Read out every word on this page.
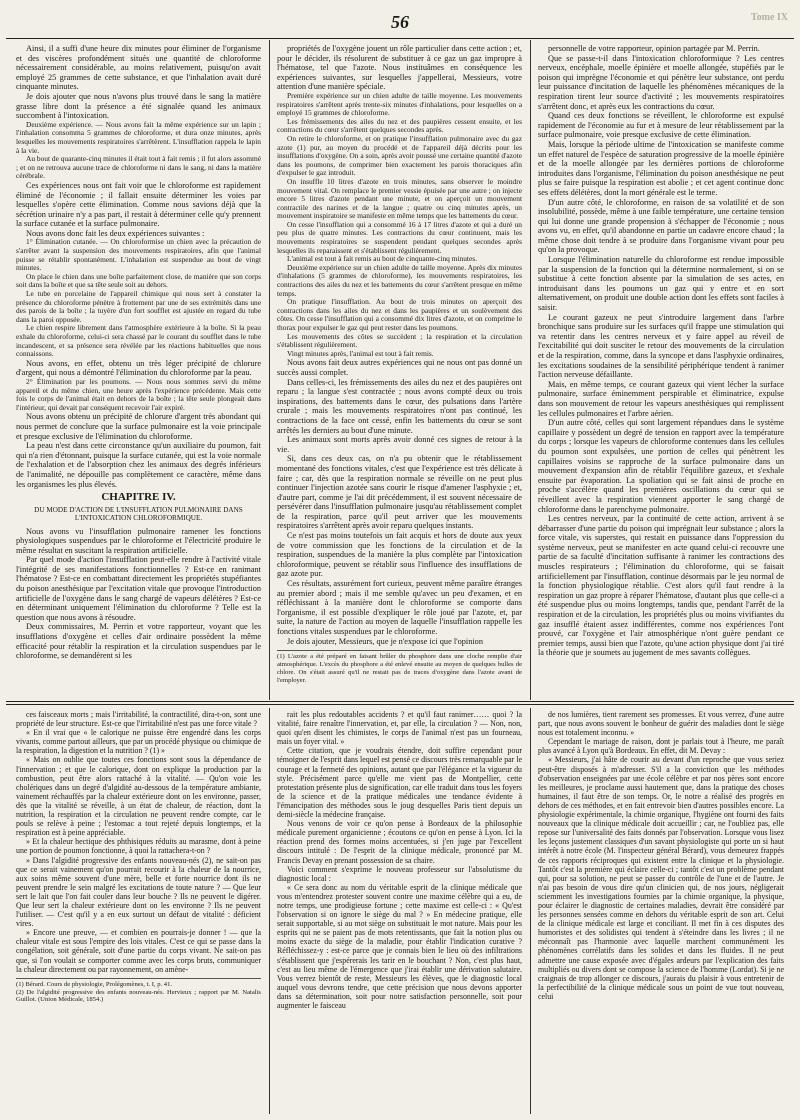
56	Tome IX

Ainsi, il a suffi d'une heure dix minutes pour éliminer de l'organisme et des viscères profondément situés une quantité de chloroforme nécessairement considérable, au moins relativement, puisqu'on avait employé 25 grammes de cette substance, et que l'inhalation avait duré cinquante minutes.

Je dois ajouter que nous n'avons plus trouvé dans le sang la matière grasse libre dont la présence a été signalée quand les animaux succombent à l'intoxication.

Deuxième expérience. — Nous avons fait la même expérience sur un lapin ; l'inhalation consomma 5 grammes de chloroforme, et dura onze minutes, après lesquelles les mouvements respiratoires s'arrêtèrent. L'insufflation rappela le lapin à la vie.

Au bout de quarante-cinq minutes il était tout à fait remis ; il fut alors assommé ; et on ne retrouva aucune trace de chloroforme ni dans le sang, ni dans la matière cérébrale.

Ces expériences nous ont fait voir que le chloroforme est rapidement éliminé de l'économie ; il fallait ensuite déterminer les voies par lesquelles s'opère cette élimination. Comme nous savions déjà que la sécrétion urinaire n'y a pas part, il restait à déterminer celle qu'y prennent la surface cutanée et la surface pulmonaire.

Nous avons donc fait les deux expériences suivantes :

1° Élimination cutanée. — On chloroformise un chien avec la précaution de s'arrêter avant la suspension des mouvements respiratoires, afin que l'animal puisse se rétablir spontanément. L'inhalation est suspendue au bout de vingt minutes.

On place le chien dans une boîte parfaitement close, de manière que son corps soit dans la boîte et que sa tête seule soit au dehors.

Le tube en porcelaine de l'appareil chimique qui nous sert à constater la présence du chloroforme pénètre à frottement par une de ses extrémités dans une des parois de la boîte ; la tuyère d'un fort soufflet est ajustée en regard du tube dans la paroi opposée.

Le chien respire librement dans l'atmosphère extérieure à la boîte. Si la peau exhale du chloroforme, celui-ci sera chassé par le courant du soufflet dans le tube incandescent, et sa présence sera révélée par les réactions habituelles que nous connaissons.

Nous avons, en effet, obtenu un très léger précipité de chlorure d'argent, qui nous a démontré l'élimination du chloroforme par la peau.

2° Élimination par les poumons. — Nous nous sommes servi du même appareil et du même chien, une heure après l'expérience précédente. Mais cette fois le corps de l'animal était en dehors de la boîte ; la tête seule plongeait dans l'intérieur, qui devait par conséquent recevoir l'air expiré.

Nous avons obtenu un précipité de chlorure d'argent très abondant qui nous permet de conclure que la surface pulmonaire est la voie principale et presque exclusive de l'élimination du chloroforme.

La peau n'est dans cette circonstance qu'un auxiliaire du poumon, fait qui n'a rien d'étonnant, puisque la surface cutanée, qui est la voie normale de l'exhalation et de l'absorption chez les animaux des degrés inférieurs de l'animalité, ne dépouille pas complètement ce caractère, même dans les organismes les plus élevés.

CHAPITRE IV.
DU MODE D'ACTION DE L'INSUFFLATION PULMONAIRE DANS L'INTOXICATION CHLOROFORMIQUE.

Nous avons vu l'insufflation pulmonaire ramener les fonctions physiologiques suspendues par le chloroforme et l'électricité produire le même résultat en suscitant la respiration artificielle.

Par quel mode d'action l'insufflation peut-elle rendre à l'activité vitale l'intégrité de ses manifestations fonctionnelles ? Est-ce en ranimant l'hématose ? Est-ce en combattant directement les propriétés stupéfiantes du poison anesthésique par l'excitation vitale que provoque l'introduction artificielle de l'oxygène dans le sang chargé de vapeurs délétères ? Est-ce en déterminant uniquement l'élimination du chloroforme ? Telle est la question que nous avons à résoudre.

Deux commissaires, M. Perrin et votre rapporteur, voyant que les insufflations d'oxygène et celles d'air ordinaire possèdent la même efficacité pour rétablir la respiration et la circulation suspendues par le chloroforme, se demandèrent si les

propriétés de l'oxygène jouent un rôle particulier dans cette action ; et, pour le décider, ils résolurent de substituer à ce gaz un gaz impropre à l'hématose, tel que l'azote. Nous instituâmes en conséquence les expériences suivantes, sur lesquelles j'appellerai, Messieurs, votre attention d'une manière spéciale.

Première expérience sur un chien adulte de taille moyenne. Les mouvements respiratoires s'arrêtent après trente-six minutes d'inhalations, pour lesquelles on a employé 15 grammes de chloroforme.

Les frémissements des ailes du nez et des paupières cessent ensuite, et les contractions du cœur s'arrêtent quelques secondes après.

On retire le chloroforme, et on pratique l'insufflation pulmonaire avec du gaz azote (1) pur, au moyen du procédé et de l'appareil déjà décrits pour les insufflations d'oxygène. On a soin, après avoir poussé une certaine quantité d'azote dans les poumons, de comprimer bien exactement les parois thoraciques afin d'expulser le gaz introduit.

On insuffle 10 litres d'azote en trois minutes, sans observer le moindre mouvement vital. On remplace le premier vessie épuisée par une autre ; on injecte encore 5 litres d'azote pendant une minute, et on aperçoit un mouvement contractile des narines et de la langue ; quatre ou cinq minutes après, un mouvement inspiratoire se manifeste en même temps que les battements du cœur.

On cesse l'insufflation qui a consommé 16 à 17 litres d'azote et qui a duré un peu plus de quatre minutes. Les contractions du cœur continuent, mais les mouvements respiratoires se suspendent pendant quelques secondes après lesquelles ils reparaissent et s'établissent régulièrement.

L'animal est tout à fait remis au bout de cinquante-cinq minutes.

Deuxième expérience sur un chien adulte de taille moyenne. Après dix minutes d'inhalations (5 grammes de chloroforme), les mouvements respiratoires, les contractions des ailes du nez et les battements du cœur s'arrêtent presque en même temps.

On pratique l'insufflation. Au bout de trois minutes on aperçoit des contractions dans les ailes du nez et dans les paupières et un soulèvement des côtes. On cesse l'insufflation qui a consommé dix litres d'azote, et on comprime le thorax pour expulser le gaz qui peut rester dans les poumons.

Les mouvements des côtes se succèdent ; la respiration et la circulation s'établissent régulièrement.

Vingt minutes après, l'animal est tout à fait remis.

Nous avons fait deux autres expériences qui ne nous ont pas donné un succès aussi complet.

Dans celles-ci, les frémissements des ailes du nez et des paupières ont reparu ; la langue s'est contractée ; nous avons compté deux ou trois inspirations, des battements dans le cœur, des pulsations dans l'artère crurale ; mais les mouvements respiratoires n'ont pas continué, les contractions de la face ont cessé, enfin les battements du cœur se sont arrêtés les derniers au bout d'une minute.

Les animaux sont morts après avoir donné ces signes de retour à la vie.

Si, dans ces deux cas, on n'a pu obtenir que le rétablissement momentané des fonctions vitales, c'est que l'expérience est très délicate à faire ; car, dès que la respiration normale se réveille on ne peut plus continuer l'injection azotée sans courir le risque d'amener l'asphyxie ; et, d'autre part, comme je l'ai dit précédemment, il est souvent nécessaire de persévérer dans l'insufflation pulmonaire jusqu'au rétablissement complet de la respiration, parce qu'il peut arriver que les mouvements respiratoires s'arrêtent après avoir reparu quelques instants.

Ce n'est pas moins toutefois un fait acquis et hors de doute aux yeux de votre commission que les fonctions de la circulation et de la respiration, suspendues de la manière la plus complète par l'intoxication chloroformique, peuvent se rétablir sous l'influence des insufflations de gaz azote pur.

Ces résultats, assurément fort curieux, peuvent même paraître étranges au premier abord ; mais il me semble qu'avec un peu d'examen, et en réfléchissant à la manière dont le chloroforme se comporte dans l'organisme, il est possible d'expliquer le rôle joué par l'azote, et, par suite, la nature de l'action au moyen de laquelle l'insufflation rappelle les fonctions vitales suspendues par le chloroforme.

Je dois ajouter, Messieurs, que je n'expose ici que l'opinion

(1) L'azote a été préparé en faisant brûler du phosphore dans une cloche remplie d'air atmosphérique. L'excès du phosphore a été enlevé ensuite au moyen de quelques bulles de chlore. On s'était assuré qu'il ne restait pas de traces d'oxygène dans l'azote avant de l'employer.

personnelle de votre rapporteur, opinion partagée par M. Perrin.

Que se passe-t-il dans l'intoxication chloroformique ? Les centres nerveux, encéphale, moelle épinière et moelle allongée, stupéfiés par le poison qui imprègne l'économie et qui pénètre leur substance, ont perdu leur puissance d'incitation de laquelle les phénomènes mécaniques de la respiration tirent leur source d'activité ; les mouvements respiratoires s'arrêtent donc, et après eux les contractions du cœur.

Quand ces deux fonctions se réveillent, le chloroforme est expulsé rapidement de l'économie au fur et à mesure de leur rétablissement par la surface pulmonaire, voie presque exclusive de cette élimination.

Mais, lorsque la période ultime de l'intoxication se manifeste comme un effet naturel de l'espèce de saturation progressive de la moelle épinière et de la moelle allongée par les dernières portions de chloroforme introduites dans l'organisme, l'élimination du poison anesthésique ne peut plus se faire puisque la respiration est abolie ; et cet agent continue donc ses effets délétères, dont la mort générale est le terme.

D'un autre côté, le chloroforme, en raison de sa volatilité et de son insolubilité, possède, même à une faible température, une certaine tension qui lui donne une grande propension à s'échapper de l'économie ; nous avons vu, en effet, qu'il abandonne en partie un cadavre encore chaud ; la même chose doit tendre à se produire dans l'organisme vivant pour peu qu'on la provoque.

Lorsque l'élimination naturelle du chloroforme est rendue impossible par la suspension de la fonction qui la détermine normalement, si on se substitue à cette fonction absente par la simulation de ses actes, en introduisant dans les poumons un gaz qui y entre et en sort alternativement, on produit une double action dont les effets sont faciles à saisir.

Le courant gazeux ne peut s'introduire largement dans l'arbre bronchique sans produire sur les surfaces qu'il frappe une stimulation qui va retentir dans les centres nerveux et y faire appel au réveil de l'excitabilité qui doit susciter le retour des mouvements de la circulation et de la respiration, comme, dans la syncope et dans l'asphyxie ordinaires, les excitations soudaines de la sensibilité périphérique tendent à ranimer l'action nerveuse défaillante.

Mais, en même temps, ce courant gazeux qui vient lécher la surface pulmonaire, surface éminemment perspirable et éliminatrice, expulse dans son mouvement de retour les vapeurs anesthésiques qui remplissent les cellules pulmonaires et l'arbre aérien.

D'un autre côté, celles qui sont largement répandues dans le système capillaire y possèdent un degré de tension en rapport avec la température du corps ; lorsque les vapeurs de chloroforme contenues dans les cellules du poumon sont expulsées, une portion de celles qui pénètrent les capillaires voisins se rapproche de la surface pulmonaire dans un mouvement d'expansion afin de rétablir l'équilibre gazeux, et s'exhale ensuite par évaporation. La spoliation qui se fait ainsi de proche en proche s'accélère quand les premières oscillations du cœur qui se réveillent avec la respiration viennent apporter le sang chargé de chloroforme dans le parenchyme pulmonaire.

Les centres nerveux, par la continuité de cette action, arrivent à se débarrasser d'une partie du poison qui imprégnait leur substance ; alors la force vitale, vis superstes, qui restait en puissance dans l'oppression du système nerveux, peut se manifester en acte quand celui-ci recouvre une partie de sa faculté d'incitation suffisante à ranimer les contractions des muscles respirateurs ; l'élimination du chloroforme, qui se faisait artificiellement par l'insufflation, continue désormais par le jeu normal de la fonction physiologique rétablie. C'est alors qu'il faut rendre à la respiration un gaz propre à réparer l'hématose, d'autant plus que celle-ci a été suspendue plus ou moins longtemps, tandis que, pendant l'arrêt de la respiration et de la circulation, les propriétés plus ou moins vivifiantes du gaz insufflé étaient assez indifférentes, comme nos expériences l'ont prouvé, car l'oxygène et l'air atmosphérique n'ont guère pendant ce premier temps, aussi bien que l'azote, qu'une action physique dont j'ai tiré la théorie que je soumets au jugement de mes savants collègues.

ces faisceaux morts ; mais l'irritabilité, la contractilité, dira-t-on, sont une propriété de leur structure. Est-ce que l'irritabilité n'est pas une force vitale ?

« En il vrai que « le calorique ne puisse être engendré dans les corps vivants, comme partout ailleurs, que par un procédé physique ou chimique de la respiration, la digestion et la nutrition ? (1) »

« Mais on oublie que toutes ces fonctions sont sous la dépendance de l'innervation ; et que le calorique, dont on explique la production par la combustion, peut être alors rattaché à la vitalité. — Qu'on voie les cholériques dans un degré d'algidité au-dessous de la température ambiante, vainement réchauffés par la chaleur extérieure dont on les environne, passer, dès que la vitalité se réveille, à un état de chaleur, de réaction, dont la nutrition, la respiration et la circulation ne peuvent rendre compte, car le pouls se relève à peine ; l'estomac a tout rejeté depuis longtemps, et la respiration est à peine appréciable.

» Et la chaleur hectique des phthisiques réduits au marasme, dont à peine une portion de poumon fonctionne, à quoi la rattachera-t-on ?

» Dans l'algidité progressive des enfants nouveau-nés (2), ne sait-on pas que ce serait vainement qu'on pourrait recourir à la chaleur de la nourrice, aux soins même souvent d'une mère, belle et forte nourrice dont ils ne peuvent prendre le sein malgré les excitations de toute nature ? — Que leur sert le lait que l'on fait couler dans leur bouche ? Ils ne peuvent le digérer. Que leur sert la chaleur extérieure dont on les environne ? Ils ne peuvent l'utiliser. — C'est qu'il y a en eux surtout un défaut de vitalité : déficient vires.

» Encore une preuve, — et combien en pourrais-je donner ! — que la chaleur vitale est sous l'empire des lois vitales. C'est ce qui se passe dans la congélation, soit générale, soit d'une partie du corps vivant. Ne sait-on pas que, si l'on voulait se comporter comme avec les corps bruts, communiquer la chaleur directement ou par rayonnement, on amène-

(1) Bérard. Cours de physiologie, Prolégomènes, t. I, p. 41.

(2) De l'algidité progressive des enfants nouveau-nés. Hervieux ; rapport par M. Natalis Guillot. (Union Médicale, 1854.)

rait les plus redoutables accidents ? et qu'il faut ranimer…… quoi ? la vitalité, faire renaître l'innervation, et, par elle, la circulation ? — Non, non, quoi qu'en disent les chimistes, le corps de l'animal n'est pas un fourneau, mais un foyer vital. »

Cette citation, que je voudrais étendre, doit suffire cependant pour témoigner de l'esprit dans lequel est pensé ce discours très remarquable par le courage et la fermeté des opinions, autant que par l'élégance et la vigueur du style. Précisément parce qu'elle me vient pas de Montpellier, cette protestation présente plus de signification, car elle traduit dans tous les foyers de la science et de la pratique médicales une tendance évidente à l'émancipation des méthodes sous le joug desquelles Paris tient depuis un demi-siècle la médecine française.

Nous venons de voir ce qu'on pense à Bordeaux de la philosophie médicale purement organicienne ; écoutons ce qu'on en pense à Lyon. Ici la réaction prend des formes moins accentuées, si j'en juge par l'excellent discours intitulé : De l'esprit de la clinique médicale, prononcé par M. Francis Devay en prenant possession de sa chaire.

Voici comment s'exprime le nouveau professeur sur l'absolutisme du diagnostic local :

« Ce sera donc au nom du véritable esprit de la clinique médicale que vous m'entendrez protester souvent contre une maxime célèbre qui a eu, de notre temps, une prodigieuse fortune ; cette maxime est celle-ci : « Qu'est l'observation si on ignore le siège du mal ? » En médecine pratique, elle serait supportable, si au mot siège on substituait le mot nature. Mais pour les esprits qui ne se paient pas de mots retentissants, que fait la notion plus ou moins exacte du siège de la maladie, pour établir l'indication curative ? Réfléchissez-y : est-ce parce que je connais bien le lieu où des infiltrations s'établissent que j'espérerais les tarir en le bouchant ? Non, c'est plus haut, c'est au lieu même de l'émergence que j'irai établir une dérivation salutaire. Vous verrez bientôt de reste, Messieurs les élèves, que le diagnostic local auquel vous devrons tendre, que cette précision que nous devons apporter dans sa détermination, soit pour notre satisfaction personnelle, soit pour augmenter le faisceau

de nos lumières, tient rarement ses promesses. Et vous verrez, d'une autre part, que nous avons souvent le bonheur de guérir des maladies dont le siège nous est totalement inconnu. »

Cependant le mariage de raison, dont je parlais tout à l'heure, me paraît plus avancé à Lyon qu'à Bordeaux. En effet, dit M. Devay :

« Messieurs, j'ai hâte de courir au devant d'un reproche que vous seriez peut-être disposés à m'adresser. S'il a la conviction que les méthodes d'observation enseignées par une école célèbre et par nos pères sont encore les meilleures, je proclame aussi hautement que, dans la pratique des choses humaines, il faut être de son temps. Or, le notre a réalisé des progrès en dehors de ces méthodes, et en fait entrevoir bien d'autres possibles encore. La physiologie expérimentale, la chimie organique, l'hygiène ont fourni des faits nouveaux que la clinique médicale doit accueillir ; car, ne l'oubliez pas, elle repose sur l'universalité des faits donnés par l'observation. Lorsque vous lisez les leçons justement classiques d'un savant physiologiste qui porte un si haut intérêt à notre école (M. l'inspecteur général Bérard), vous demeurez frappés de ces rapports réciproques qui existent entre la clinique et la physiologie. Tantôt c'est la première qui éclaire celle-ci ; tantôt c'est un problème pendant qui, pour sa solution, ne peut se passer du contrôle de l'une et de l'autre. Je n'ai pas besoin de vous dire qu'un clinicien qui, de nos jours, négligerait sciemment les investigations fournies par la chimie organique, la physique, pour éclairer le diagnostic de certaines maladies, devrait être considéré par les personnes sensées comme en dehors du véritable esprit de son art. Celui de la clinique médicale est large et conciliant. Il met fin à ces disputes des humoristes et des solidistes qui tendent à s'éteindre dans les livres ; il ne méconnaît pas l'harmonie avec laquelle marchent communément les phénomènes corrélatifs dans les solides et dans les fluides. Il ne peut admettre une cause exposée avec d'égales ardeurs par l'explication des faits multipliés ou divers dont se compose la science de l'homme (Lordat). Si je ne craignais de trop allonger ce discours, j'aurais du plaisir à vous entretenir de la perfectibilité de la clinique médicale sous un point de vue tout nouveau, celui
